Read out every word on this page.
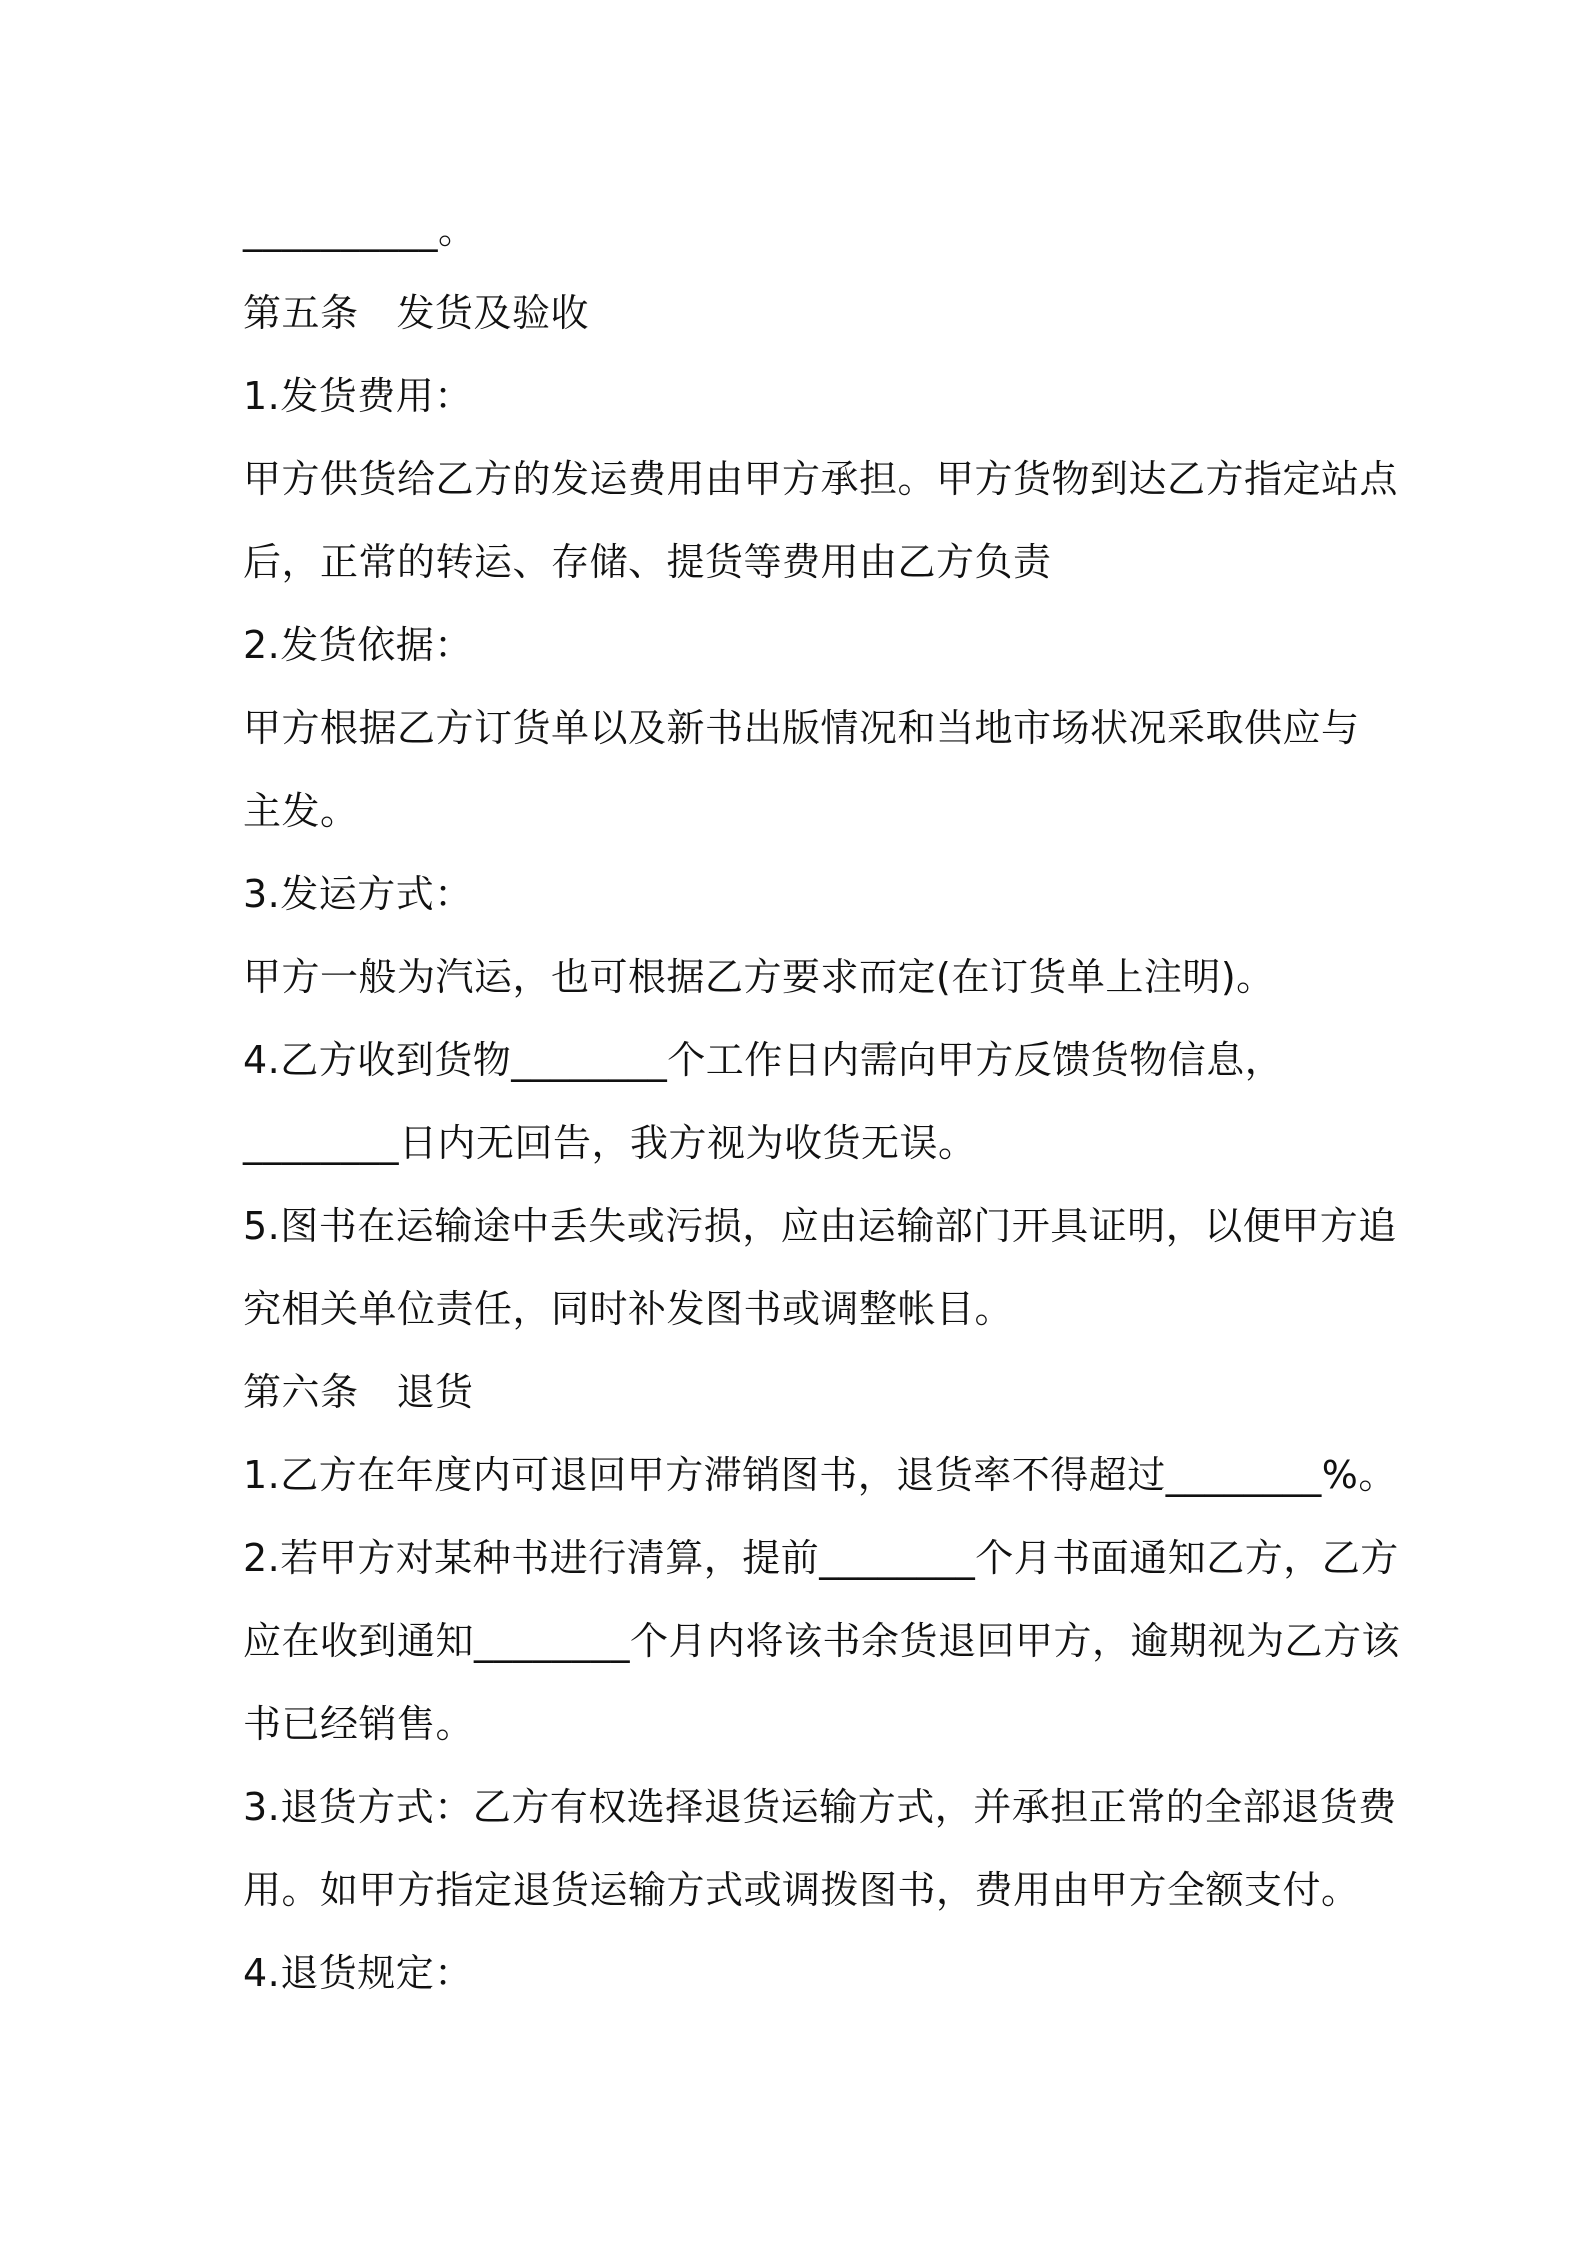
__________。
第五条 发货及验收
1.发货费用：
甲方供货给乙方的发运费用由甲方承担。甲方货物到达乙方指定站点
后，正常的转运、存储、提货等费用由乙方负责
2.发货依据：
甲方根据乙方订货单以及新书出版情况和当地市场状况采取供应与
主发。
3.发运方式：
甲方一般为汽运，也可根据乙方要求而定(在订货单上注明)。
4.乙方收到货物________个工作日内需向甲方反馈货物信息，
________日内无回告，我方视为收货无误。
5.图书在运输途中丢失或污损，应由运输部门开具证明，以便甲方追
究相关单位责任，同时补发图书或调整帐目。
第六条 退货
1.乙方在年度内可退回甲方滞销图书，退货率不得超过________%。
2.若甲方对某种书进行清算，提前________个月书面通知乙方，乙方
应在收到通知________个月内将该书余货退回甲方，逾期视为乙方该
书已经销售。
3.退货方式：乙方有权选择退货运输方式，并承担正常的全部退货费
用。如甲方指定退货运输方式或调拨图书，费用由甲方全额支付。
4.退货规定：
